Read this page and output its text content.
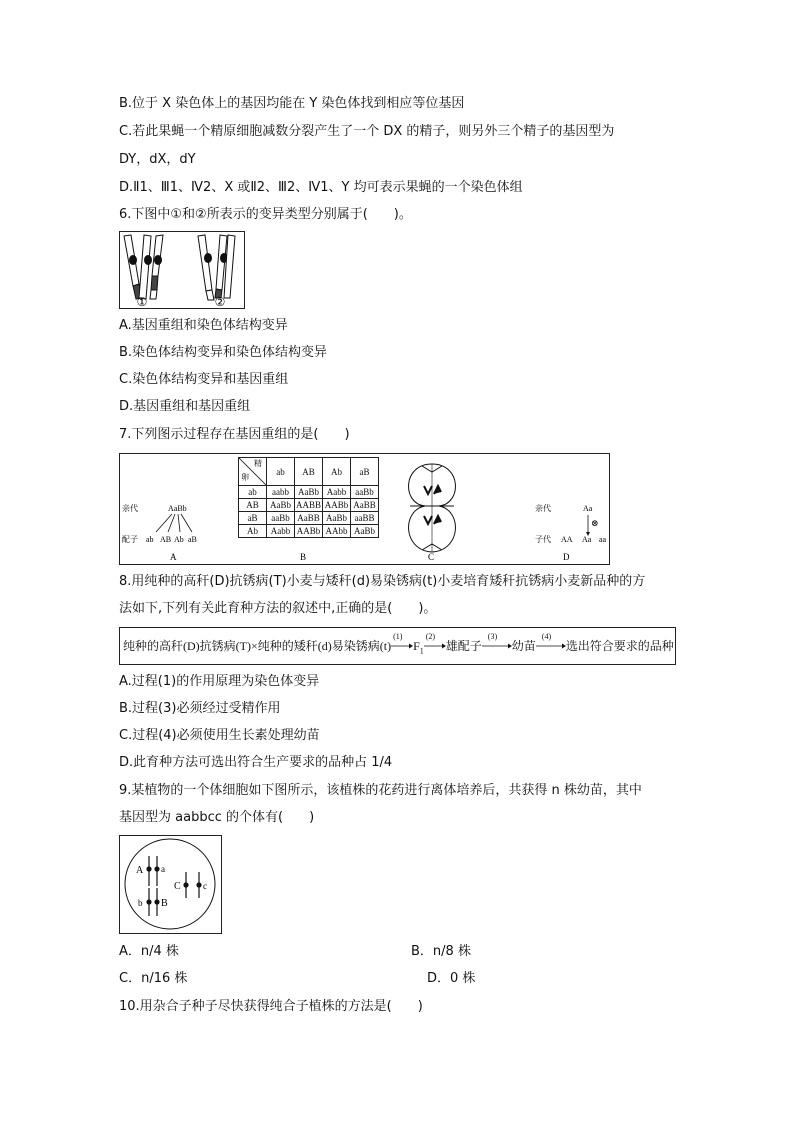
B.位于 X 染色体上的基因均能在 Y 染色体找到相应等位基因
C.若此果蝇一个精原细胞减数分裂产生了一个 DX 的精子，则另外三个精子的基因型为
DY，dX，dY
D.Ⅱ1、Ⅲ1、Ⅳ2、X 或Ⅱ2、Ⅲ2、Ⅳ1、Y 均可表示果蝇的一个染色体组
6.下图中①和②所表示的变异类型分别属于(　　)。
①	②
A.基因重组和染色体结构变异
B.染色体结构变异和染色体结构变异
C.染色体结构变异和基因重组
D.基因重组和基因重组
7.下列图示过程存在基因重组的是(　　)
亲代	AaBb
配子 ab AB Ab aB
A	B	C
亲代	Aa
⊗
子代 AA Aa aa
D
精
卵	ab	AB	Ab	aB
ab	aabb	AaBb	Aabb	aaBb
AB	AaBb	AABB	AABb	AaBB
aB	aaBb	AaBB	AaBb	aaBB
Ab	Aabb	AABb	AAbb	AaBb
8.用纯种的高秆(D)抗锈病(T)小麦与矮秆(d)易染锈病(t)小麦培育矮秆抗锈病小麦新品种的方
法如下,下列有关此育种方法的叙述中,正确的是(　　)。
纯种的高秆(D)抗锈病(T)×纯种的矮秆(d)易染锈病(t)
(1)
$F_1$
(2)
雄配子
(3)
幼苗
(4)
选出符合要求的品种
A.过程(1)的作用原理为染色体变异
B.过程(3)必须经过受精作用
C.过程(4)必须使用生长素处理幼苗
D.此育种方法可选出符合生产要求的品种占 1/4
9.某植物的一个体细胞如下图所示，该植株的花药进行离体培养后，共获得 n 株幼苗，其中
基因型为 aabbcc 的个体有(　　)
A a
b B
C c
A．n/4 株	B．n/8 株
C．n/16 株	D．0 株
10.用杂合子种子尽快获得纯合子植株的方法是(　　)
